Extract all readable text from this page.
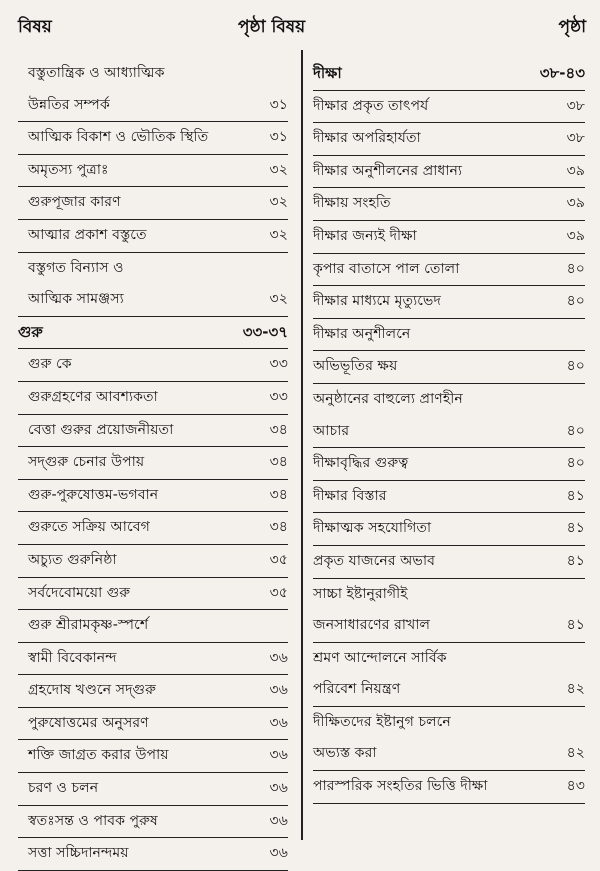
বিষয়	পৃষ্ঠা বিষয়	পৃষ্ঠা
বস্তুতান্ত্রিক ও আধ্যাত্মিক
উন্নতির সম্পর্ক	৩১
আত্মিক বিকাশ ও ভৌতিক স্থিতি	৩১
অমৃতস্য পুত্রাঃ	৩২
গুরুপূজার কারণ	৩২
আত্মার প্রকাশ বস্তুতে	৩২
বস্তুগত বিন্যাস ও
আত্মিক সামঞ্জস্য	৩২
গুরু	৩৩-৩৭
গুরু কে	৩৩
গুরুগ্রহণের আবশ্যকতা	৩৩
বেত্তা গুরুর প্রয়োজনীয়তা	৩৪
সদ্‌গুরু চেনার উপায়	৩৪
গুরু-পুরুষোত্তম-ভগবান	৩৪
গুরুতে সক্রিয় আবেগ	৩৪
অচ্যুত গুরুনিষ্ঠা	৩৫
সর্বদেবোময়ো গুরু	৩৫
গুরু শ্রীরামকৃষ্ণ-স্পর্শে
স্বামী বিবেকানন্দ	৩৬
গ্রহদোষ খণ্ডনে সদ্‌গুরু	৩৬
পুরুষোত্তমের অনুসরণ	৩৬
শক্তি জাগ্রত করার উপায়	৩৬
চরণ ও চলন	৩৬
স্বতঃসন্ত ও পাবক পুরুষ	৩৬
সত্তা সচ্চিদানন্দময়	৩৬
দীক্ষা	৩৮-৪৩
দীক্ষার প্রকৃত তাৎপর্য	৩৮
দীক্ষার অপরিহার্যতা	৩৮
দীক্ষার অনুশীলনের প্রাধান্য	৩৯
দীক্ষায় সংহতি	৩৯
দীক্ষার জন্যই দীক্ষা	৩৯
কৃপার বাতাসে পাল তোলা	৪০
দীক্ষার মাধ্যমে মৃত্যুভেদ	৪০
দীক্ষার অনুশীলনে
অভিভূতির ক্ষয়	৪০
অনুষ্ঠানের বাহুল্যে প্রাণহীন
আচার	৪০
দীক্ষাবৃদ্ধির গুরুত্ব	৪০
দীক্ষার বিস্তার	৪১
দীক্ষাত্মক সহযোগিতা	৪১
প্রকৃত যাজনের অভাব	৪১
সাচ্চা ইষ্টানুরাগীই
জনসাধারণের রাখাল	৪১
শ্রমণ আন্দোলনে সার্বিক
পরিবেশ নিয়ন্ত্রণ	৪২
দীক্ষিতদের ইষ্টানুগ চলনে
অভ্যস্ত করা	৪২
পারস্পরিক সংহতির ভিত্তি দীক্ষা	৪৩
